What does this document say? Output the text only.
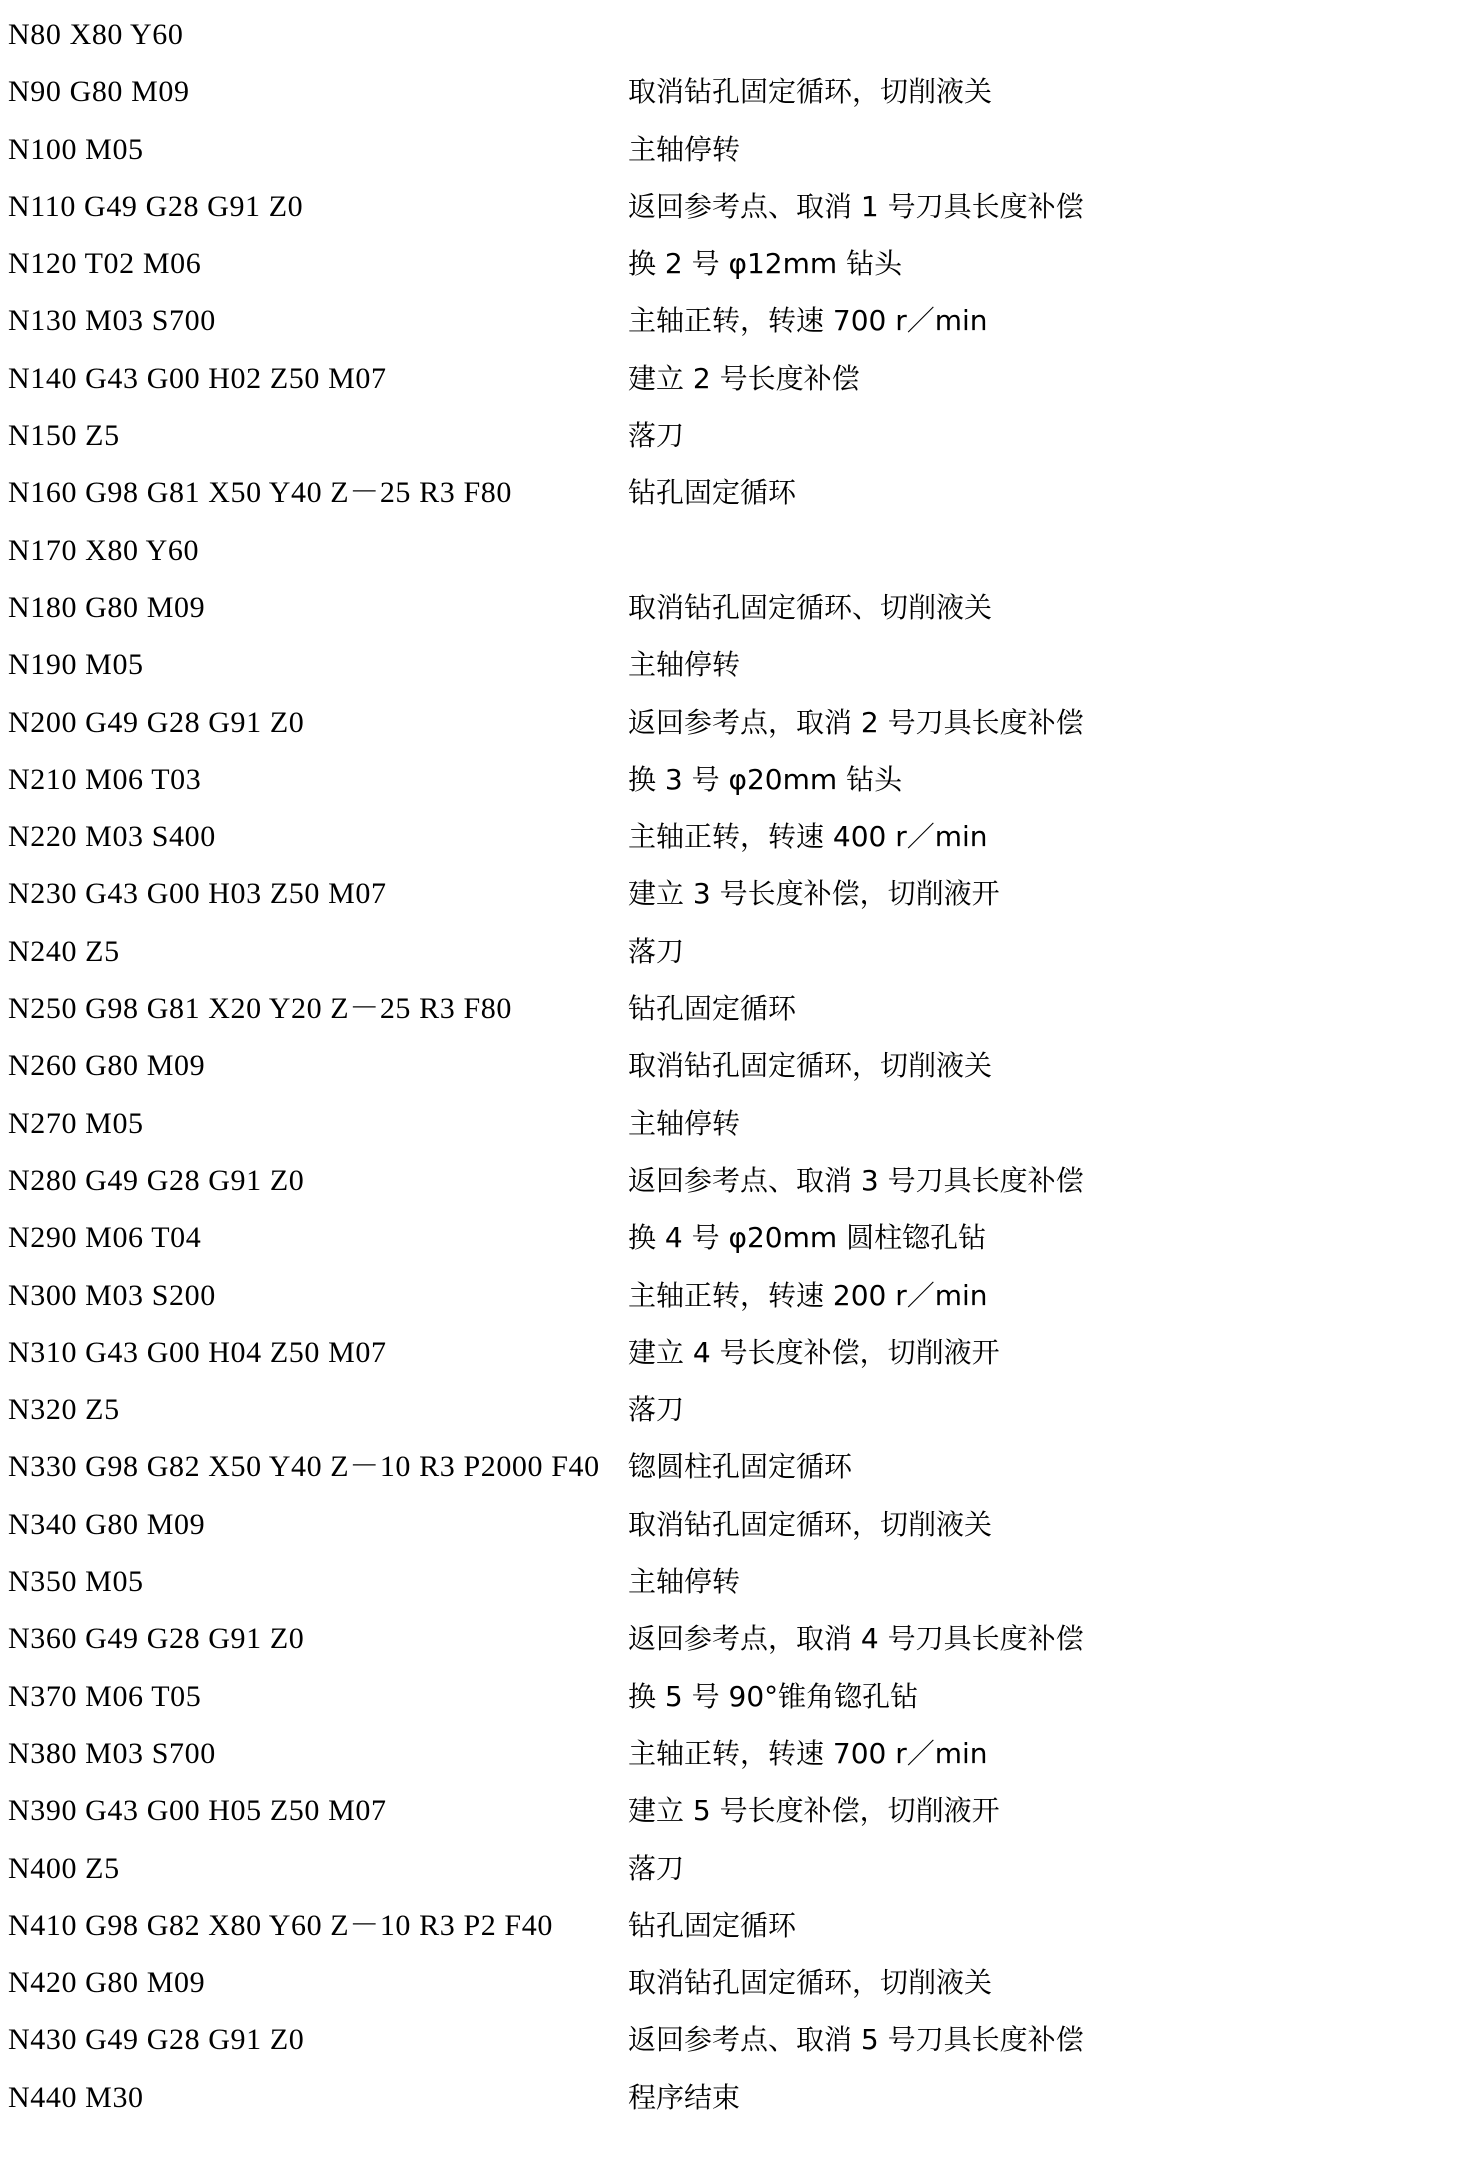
N80 X80 Y60	
N90 G80 M09	取消钻孔固定循环，切削液关
N100 M05	主轴停转
N110 G49 G28 G91 Z0	返回参考点、取消 1 号刀具长度补偿
N120 T02 M06	换 2 号 φ12mm 钻头
N130 M03 S700	主轴正转，转速 700 r／min
N140 G43 G00 H02 Z50 M07	建立 2 号长度补偿
N150 Z5	落刀
N160 G98 G81 X50 Y40 Z－25 R3 F80	钻孔固定循环
N170 X80 Y60	
N180 G80 M09	取消钻孔固定循环、切削液关
N190 M05	主轴停转
N200 G49 G28 G91 Z0	返回参考点，取消 2 号刀具长度补偿
N210 M06 T03	换 3 号 φ20mm 钻头
N220 M03 S400	主轴正转，转速 400 r／min
N230 G43 G00 H03 Z50 M07	建立 3 号长度补偿，切削液开
N240 Z5	落刀
N250 G98 G81 X20 Y20 Z－25 R3 F80	钻孔固定循环
N260 G80 M09	取消钻孔固定循环，切削液关
N270 M05	主轴停转
N280 G49 G28 G91 Z0	返回参考点、取消 3 号刀具长度补偿
N290 M06 T04	换 4 号 φ20mm 圆柱锪孔钻
N300 M03 S200	主轴正转，转速 200 r／min
N310 G43 G00 H04 Z50 M07	建立 4 号长度补偿，切削液开
N320 Z5	落刀
N330 G98 G82 X50 Y40 Z－10 R3 P2000 F40	锪圆柱孔固定循环
N340 G80 M09	取消钻孔固定循环，切削液关
N350 M05	主轴停转
N360 G49 G28 G91 Z0	返回参考点，取消 4 号刀具长度补偿
N370 M06 T05	换 5 号 90°锥角锪孔钻
N380 M03 S700	主轴正转，转速 700 r／min
N390 G43 G00 H05 Z50 M07	建立 5 号长度补偿，切削液开
N400 Z5	落刀
N410 G98 G82 X80 Y60 Z－10 R3 P2 F40	钻孔固定循环
N420 G80 M09	取消钻孔固定循环，切削液关
N430 G49 G28 G91 Z0	返回参考点、取消 5 号刀具长度补偿
N440 M30	程序结束
